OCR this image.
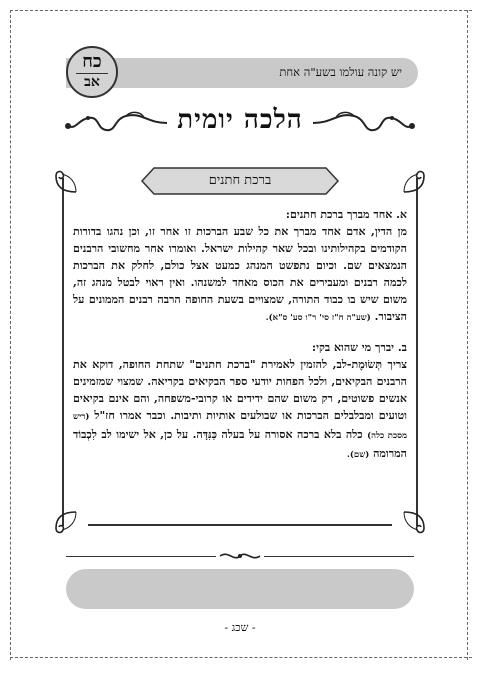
יש קונה עולמו בשע"ה אחת
כח
אב
הלכה יומית
ברכת חתנים

א. אחד מברך ברכת חתנים:

מן הדין, אדם אחד מברך את כל שבע הברכות זו אחר זו, וכן נהגו בדורות הקודמים בקהילותינו ובכל שאר קהילות ישראל. ואומרו אחר מחשובי הרבנים הנמצאים שם. וכיום נתפשט המנהג כמעט אצל כולם, לחלק את הברכות לכמה רבנים ומעבירים את הכוס מאחד למשנהו. ואין ראוי לבטל מנהג זה, משום שיש בו כבוד התורה, שמצויים בשעת החופה הרבה רבנים הממונים על הציבור. (שע"ה ח"ז סי' ר"ו סע' ס"א).

ב. יברך מי שהוא בקי:

צריך תְּשׂוּמֶת-לב, להזמין לאמירת "ברכת חתנים" שתחת החופה, דוקא את הרבנים הבקיאים, ולכל הפחות יודעי ספר הבקיאים בקריאה. שמצוי שמזמינים אנשים פשוטים, רק משום שהם ידידים או קרובי-משפחה, והם אינם בקיאים וטועים ומבלבלים הברכות או שבולעים אותיות ותיבות. וכבר אמרו חז"ל (ריש מסכת כלה) כלה בלא ברכה אסורה על בעלה כַּנִּדָּה. על כן, אל ישימו לב לִכְבוֹד המרומה (שם).

- שכג -
